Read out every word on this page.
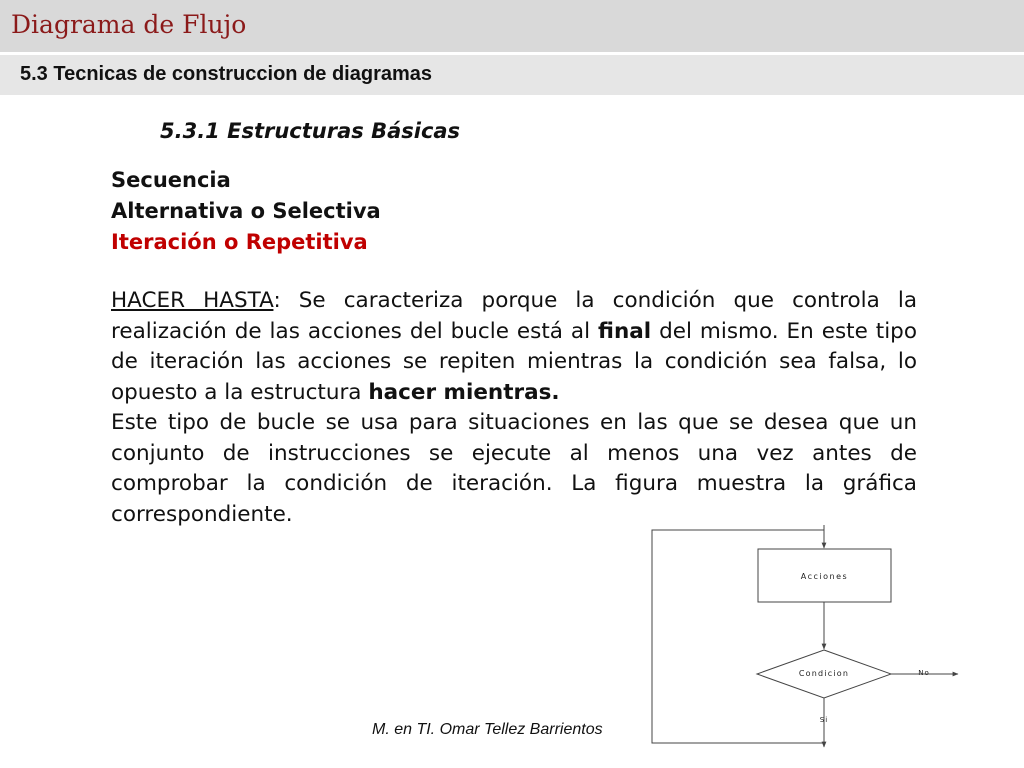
Diagrama de Flujo
5.3 Tecnicas de construccion de diagramas
5.3.1 Estructuras Básicas
Secuencia
Alternativa o Selectiva
Iteración o Repetitiva

HACER HASTA: Se caracteriza porque la condición que controla la realización de las acciones del bucle está al final del mismo. En este tipo de iteración las acciones se repiten mientras la condición sea falsa, lo opuesto a la estructura hacer mientras.

Este tipo de bucle se usa para situaciones en las que se desea que un conjunto de instrucciones se ejecute al menos una vez antes de comprobar la condición de iteración. La figura muestra la gráfica correspondiente.

Acciones
Condicion	No
Si
M. en TI. Omar Tellez Barrientos
